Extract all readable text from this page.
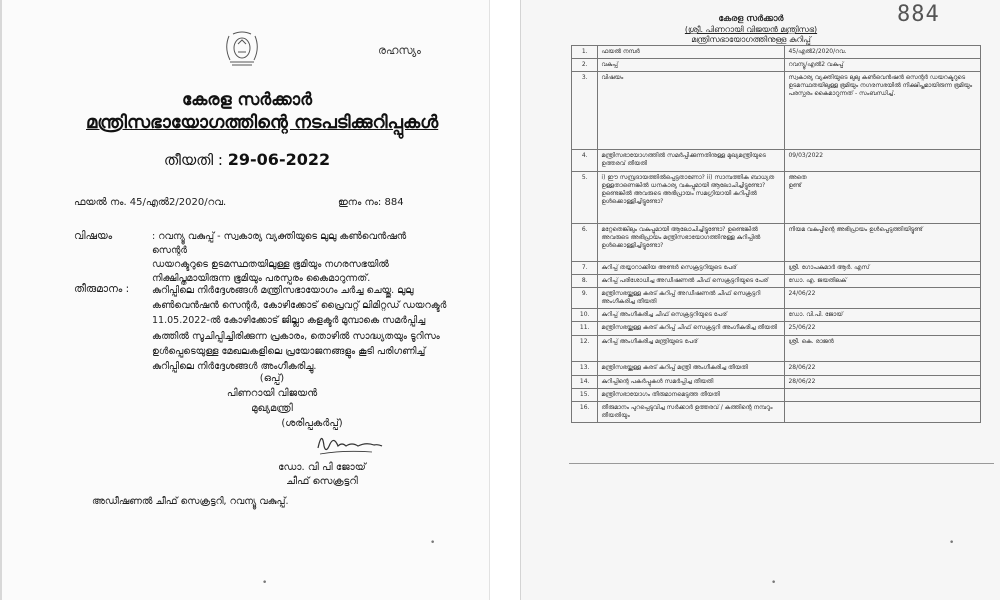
രഹസ്യം
കേരള സർക്കാർ
മന്ത്രിസഭായോഗത്തിന്റെ നടപടിക്കുറിപ്പുകൾ
തീയതി : 29-06-2022
ഫയൽ നം. 45/എൽ2/2020/റവ.	ഇനം നം: 884
വിഷയം	: റവന്യൂ വകുപ്പ് - സ്വകാര്യ വ്യക്തിയുടെ ലുലു കൺവെൻഷൻ സെന്റർ
ഡയറക്ടറുടെ ഉടമസ്ഥതയിലുള്ള ഭൂമിയും നഗരസഭയിൽ
നിക്ഷിപ്തമായിരുന്ന ഭൂമിയും പരസ്പരം കൈമാറുന്നത്.
തീരുമാനം : കുറിപ്പിലെ നിർദ്ദേശങ്ങൾ മന്ത്രിസഭായോഗം ചർച്ച ചെയ്തു. ലുലു
കൺവെൻഷൻ സെന്റർ, കോഴിക്കോട് പ്രൈവറ്റ് ലിമിറ്റഡ് ഡയറക്ടർ
11.05.2022-ൽ കോഴിക്കോട് ജില്ലാ കളക്ടർ മുമ്പാകെ സമർപ്പിച്ച
കത്തിൽ സൂചിപ്പിച്ചിരിക്കുന്ന പ്രകാരം, തൊഴിൽ സാദ്ധ്യതയും ടൂറിസം
ഉൾപ്പെടെയുള്ള മേഖലകളിലെ പ്രയോജനങ്ങളും കൂടി പരിഗണിച്ച്
കുറിപ്പിലെ നിർദ്ദേശങ്ങൾ അംഗീകരിച്ചു.
(ഒപ്പ്)
പിണറായി വിജയൻ
മുഖ്യമന്ത്രി
(ശരിപ്പകർപ്പ്)
ഡോ. വി പി ജോയ്
ചീഫ് സെക്രട്ടറി
അഡീഷണൽ ചീഫ് സെക്രട്ടറി, റവന്യൂ വകുപ്പ്.
•
•
884
കേരള സർക്കാർ
(ശ്രീ. പിണറായി വിജയൻ മന്ത്രിസഭ)
മന്ത്രിസഭായോഗത്തിനുള്ള കുറിപ്പ്
1.	ഫയൽ നമ്പർ	45/എൽ2/2020/റവ.
2.	വകുപ്പ്	റവന്യൂ/എൽ2 വകുപ്പ്
3.	വിഷയം	സ്വകാര്യ വ്യക്തിയുടെ ലുലു കൺവെൻഷൻ സെന്റർ ഡയറക്ടറുടെ ഉടമസ്ഥതയിലുള്ള ഭൂമിയും നഗരസഭയിൽ നിക്ഷിപ്തമായിരുന്ന ഭൂമിയും പരസ്പരം കൈമാറുന്നത് - സംബന്ധിച്ച്.
4.	മന്ത്രിസഭായോഗത്തിൽ സമർപ്പിക്കുന്നതിനുള്ള മുഖ്യമന്ത്രിയുടെ ഉത്തരവ് തീയതി	09/03/2022
5.	i) ഈ സമ്പ്രദായത്തിൽപ്പെട്ടതാണോ? ii) സാമ്പത്തിക ബാധ്യത ഉള്ളതാണെങ്കിൽ ധനകാര്യ വകുപ്പുമായി ആലോചിച്ചിട്ടുണ്ടോ? ഉണ്ടെങ്കിൽ അവരുടെ അഭിപ്രായം സമഗ്രിയായി കുറിപ്പിൽ ഉൾക്കൊള്ളിച്ചിട്ടുണ്ടോ?	അതെ
ഉണ്ട്
6.	മറ്റേതെങ്കിലും വകുപ്പുമായി ആലോചിച്ചിട്ടുണ്ടോ? ഉണ്ടെങ്കിൽ അവരുടെ അഭിപ്രായം മന്ത്രിസഭായോഗത്തിനുള്ള കുറിപ്പിൽ ഉൾക്കൊള്ളിച്ചിട്ടുണ്ടോ?	നിയമ വകുപ്പിന്റെ അഭിപ്രായം ഉൾപ്പെടുത്തിയിട്ടുണ്ട്
7.	കുറിപ്പ് തയ്യാറാക്കിയ അണ്ടർ സെക്രട്ടറിയുടെ പേര്	ശ്രീ. ഗോപകുമാർ ആർ. എസ്
8.	കുറിപ്പ് പരിശോധിച്ച അഡീഷണൽ ചീഫ് സെക്രട്ടറിയുടെ പേര്	ഡോ. എ. ജയതിലക്
9.	മന്ത്രിസഭയ്ക്കുള്ള കരട് കുറിപ്പ് അഡീഷണൽ ചീഫ് സെക്രട്ടറി അംഗീകരിച്ച തീയതി	24/06/22
10.	കുറിപ്പ് അംഗീകരിച്ച ചീഫ് സെക്രട്ടറിയുടെ പേര്	ഡോ. വി.പി. ജോയ്
11.	മന്ത്രിസഭയ്ക്കുള്ള കരട് കുറിപ്പ് ചീഫ് സെക്രട്ടറി അംഗീകരിച്ച തീയതി	25/06/22
12.	കുറിപ്പ് അംഗീകരിച്ച മന്ത്രിയുടെ പേര്	ശ്രീ. കെ. രാജൻ
13.	മന്ത്രിസഭയ്ക്കുള്ള കരട് കുറിപ്പ് മന്ത്രി അംഗീകരിച്ച തീയതി	28/06/22
14.	കുറിപ്പിന്റെ പകർപ്പുകൾ സമർപ്പിച്ച തീയതി	28/06/22
15.	മന്ത്രിസഭായോഗം തീരുമാനമെടുത്ത തീയതി	
16.	തീരുമാനം പുറപ്പെടുവിച്ച സർക്കാർ ഉത്തരവ് / കത്തിന്റെ നമ്പറും തീയതിയും	
•
•
